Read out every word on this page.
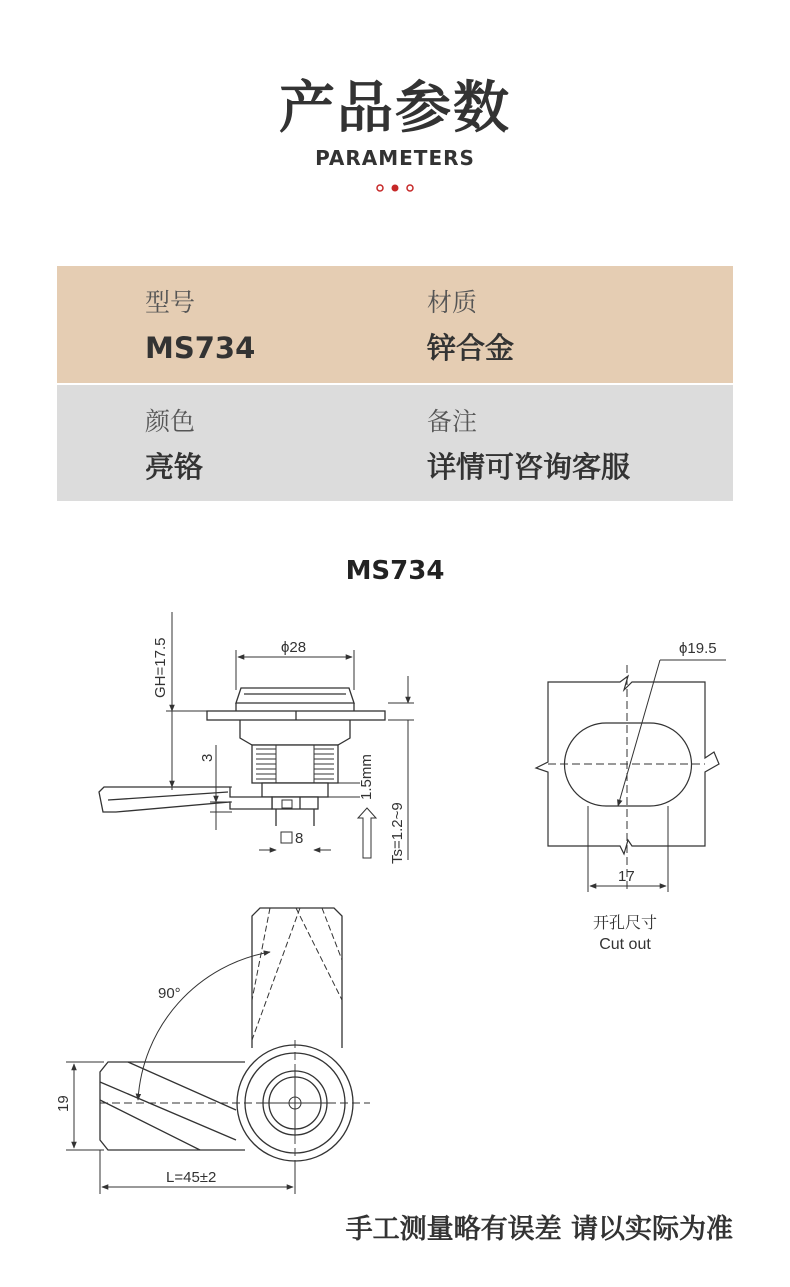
产品参数
PARAMETERS
型号
MS734
材质
锌合金
颜色
亮铬
备注
详情可咨询客服
MS734
ϕ28
GH=17.5
3	1.5mm
Ts=1.2~9
8
ϕ19.5
17
90°
19
L=45±2
开孔尺寸
Cut out
手工测量略有误差 请以实际为准
